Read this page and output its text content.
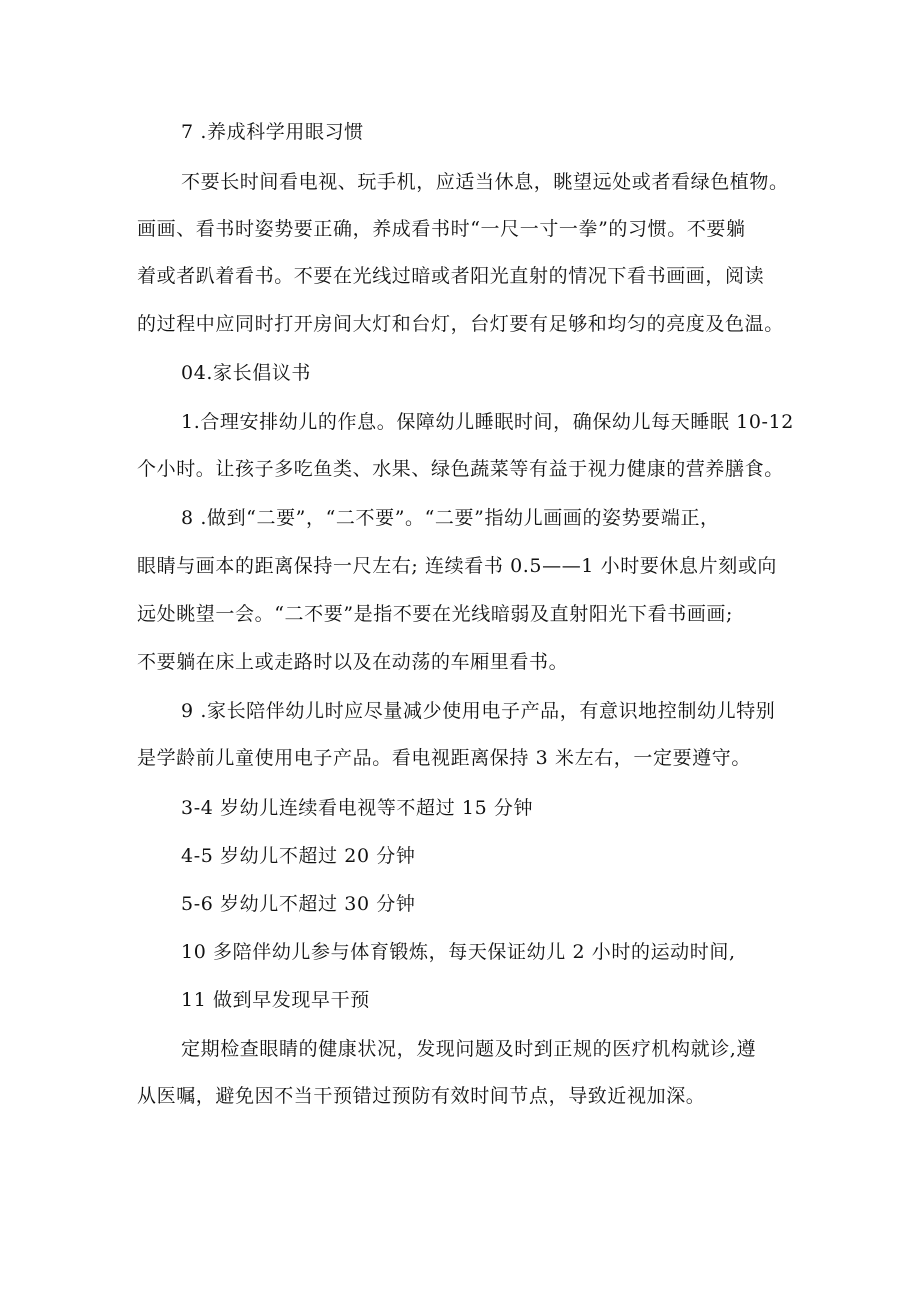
7 .养成科学用眼习惯
不要长时间看电视、玩手机，应适当休息，眺望远处或者看绿色植物。
画画、看书时姿势要正确，养成看书时“一尺一寸一拳”的习惯。不要躺
着或者趴着看书。不要在光线过暗或者阳光直射的情况下看书画画，阅读
的过程中应同时打开房间大灯和台灯，台灯要有足够和均匀的亮度及色温。
04.家长倡议书
1.合理安排幼儿的作息。保障幼儿睡眠时间，确保幼儿每天睡眠 10-12
个小时。让孩子多吃鱼类、水果、绿色蔬菜等有益于视力健康的营养膳食。
8 .做到“二要”，“二不要”。“二要”指幼儿画画的姿势要端正，
眼睛与画本的距离保持一尺左右; 连续看书 0.5——1 小时要休息片刻或向
远处眺望一会。“二不要”是指不要在光线暗弱及直射阳光下看书画画;
不要躺在床上或走路时以及在动荡的车厢里看书。
9 .家长陪伴幼儿时应尽量减少使用电子产品，有意识地控制幼儿特别
是学龄前儿童使用电子产品。看电视距离保持 3 米左右，一定要遵守。
3-4 岁幼儿连续看电视等不超过 15 分钟
4-5 岁幼儿不超过 20 分钟
5-6 岁幼儿不超过 30 分钟
10 多陪伴幼儿参与体育锻炼，每天保证幼儿 2 小时的运动时间,
11 做到早发现早干预
定期检查眼睛的健康状况，发现问题及时到正规的医疗机构就诊,遵
从医嘱，避免因不当干预错过预防有效时间节点，导致近视加深。
